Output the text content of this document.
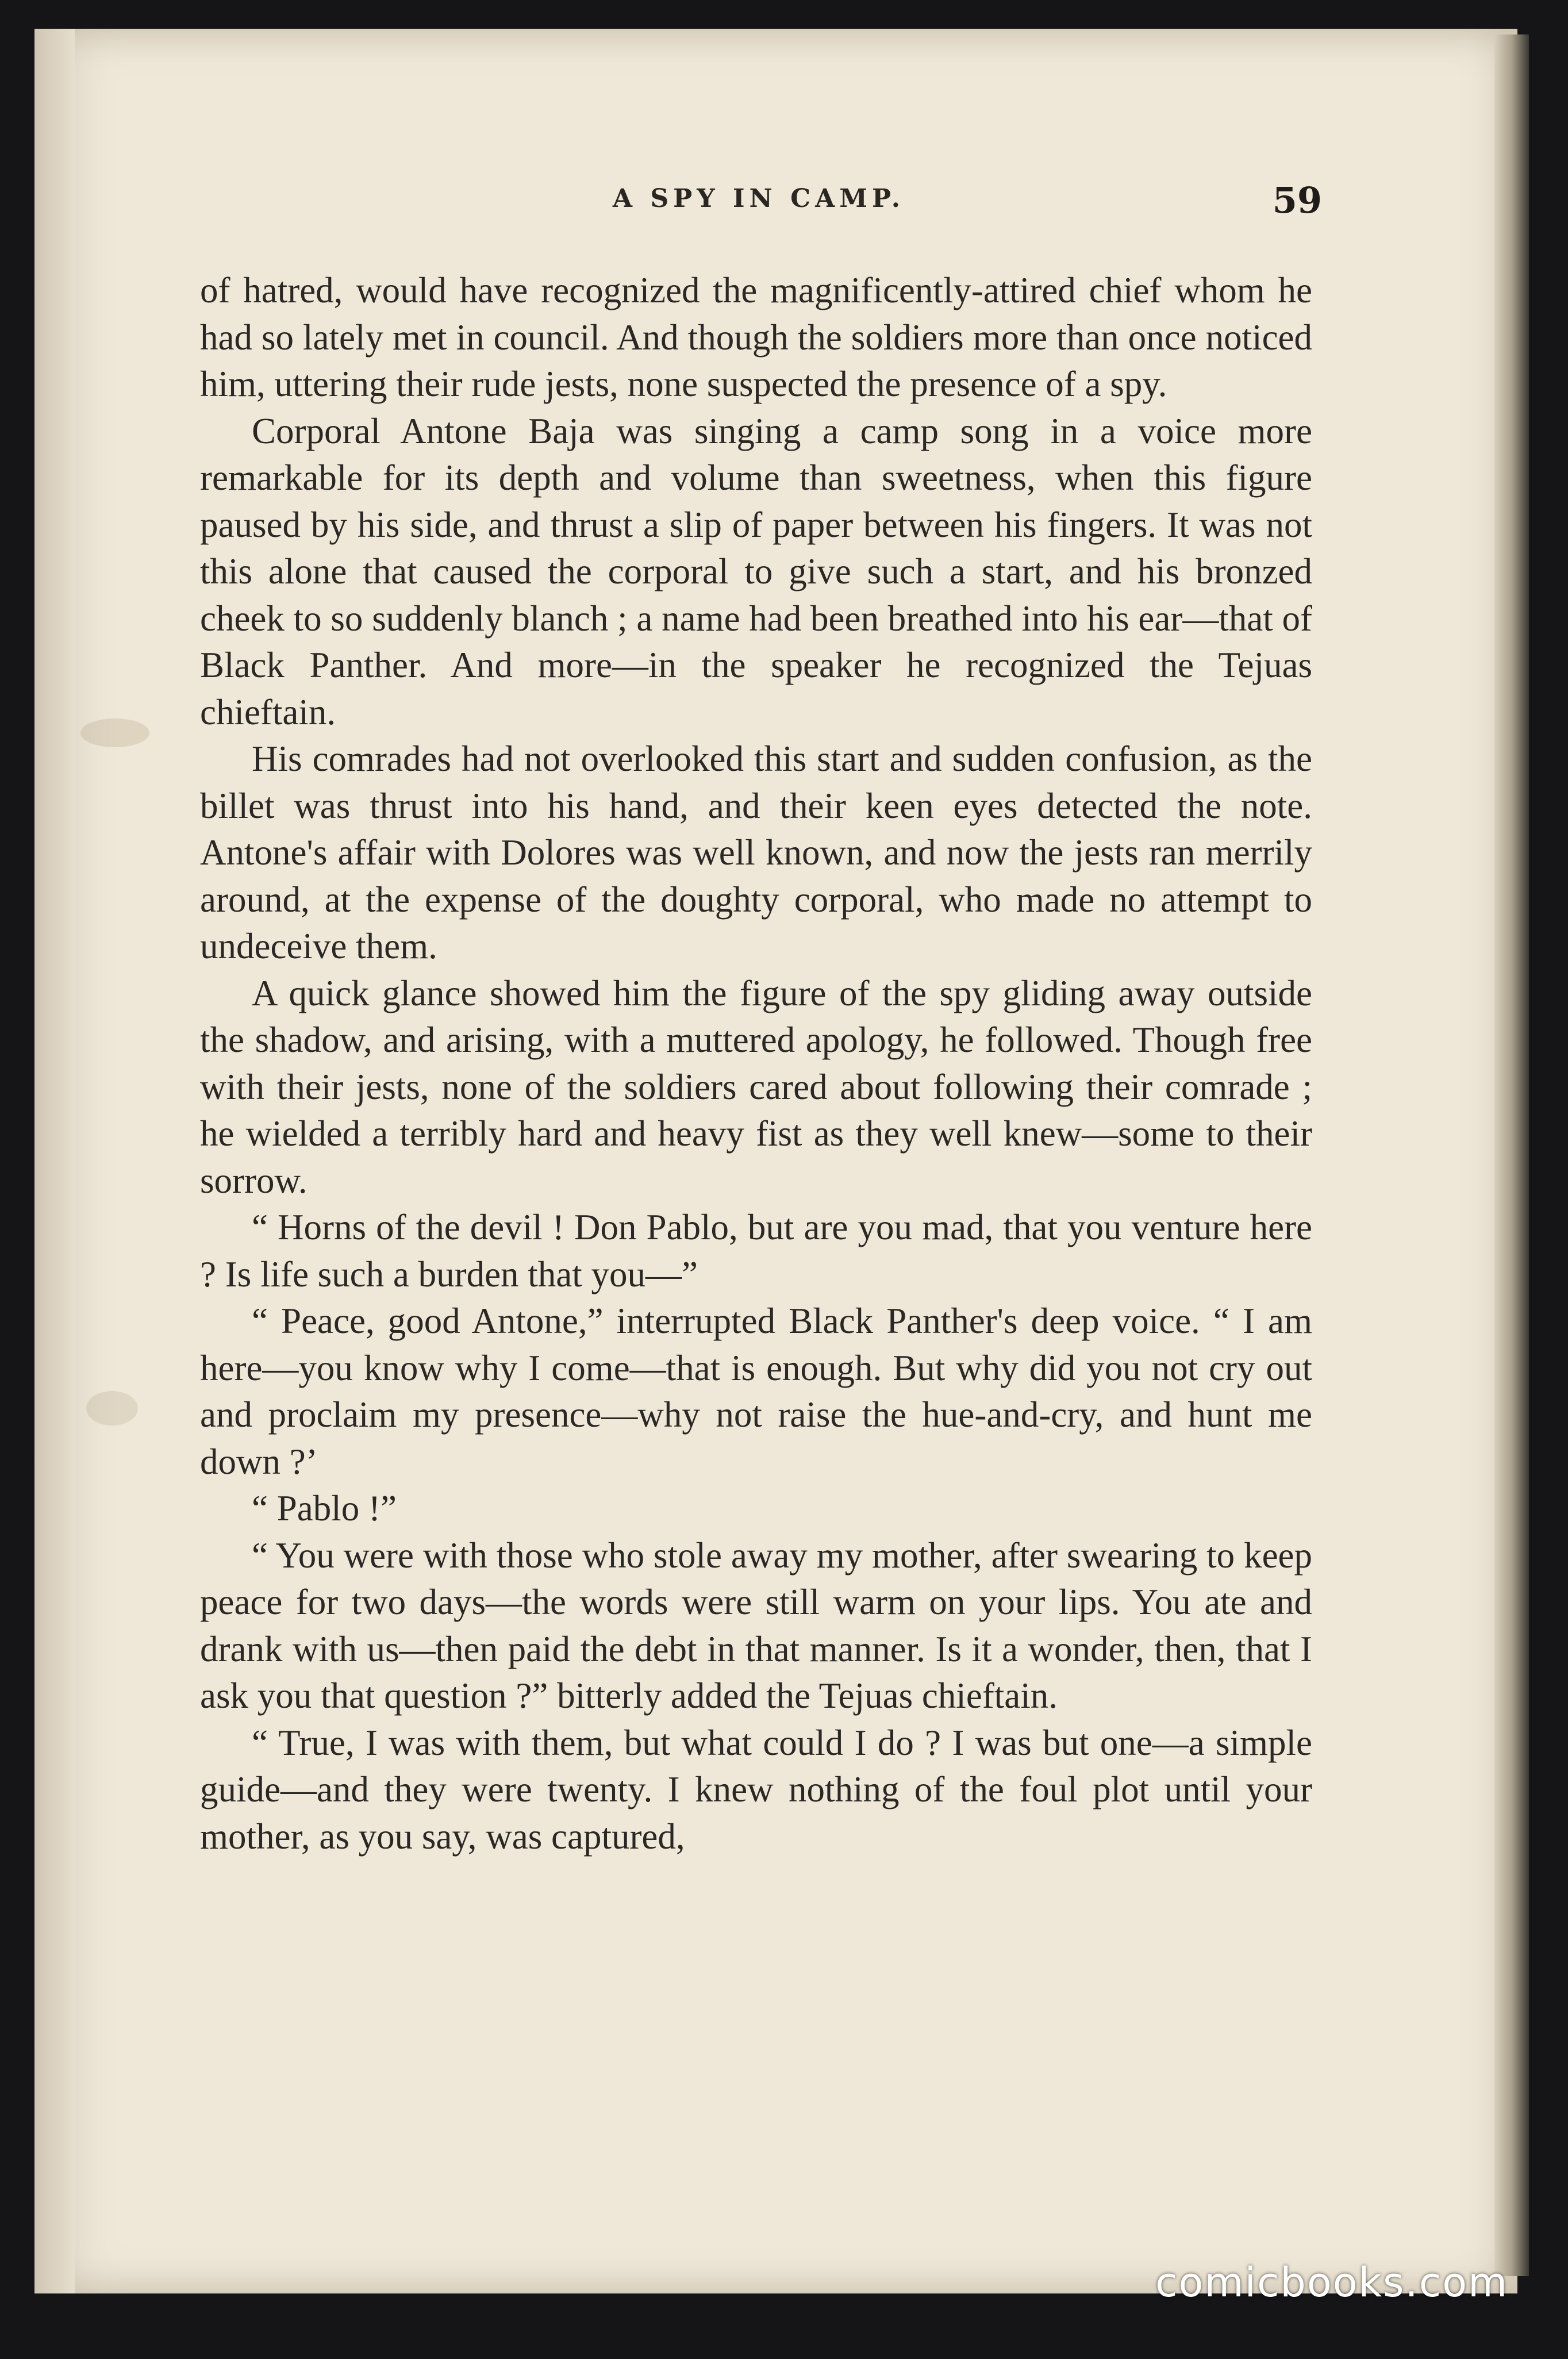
A SPY IN CAMP.	59

of hatred, would have recognized the magnificently-attired chief whom he had so lately met in council. And though the soldiers more than once noticed him, uttering their rude jests, none suspected the presence of a spy.

Corporal Antone Baja was singing a camp song in a voice more remarkable for its depth and volume than sweetness, when this figure paused by his side, and thrust a slip of paper between his fingers. It was not this alone that caused the corporal to give such a start, and his bronzed cheek to so suddenly blanch ; a name had been breathed into his ear—that of Black Panther. And more—in the speaker he recognized the Tejuas chieftain.

His comrades had not overlooked this start and sudden confusion, as the billet was thrust into his hand, and their keen eyes detected the note. Antone's affair with Dolores was well known, and now the jests ran merrily around, at the expense of the doughty corporal, who made no attempt to undeceive them.

A quick glance showed him the figure of the spy gliding away outside the shadow, and arising, with a muttered apology, he followed. Though free with their jests, none of the soldiers cared about following their comrade ; he wielded a terribly hard and heavy fist as they well knew—some to their sorrow.

“ Horns of the devil ! Don Pablo, but are you mad, that you venture here ? Is life such a burden that you—”

“ Peace, good Antone,” interrupted Black Panther's deep voice. “ I am here—you know why I come—that is enough. But why did you not cry out and proclaim my presence—why not raise the hue-and-cry, and hunt me down ?’

“ Pablo !”

“ You were with those who stole away my mother, after swearing to keep peace for two days—the words were still warm on your lips. You ate and drank with us—then paid the debt in that manner. Is it a wonder, then, that I ask you that question ?” bitterly added the Tejuas chieftain.

“ True, I was with them, but what could I do ? I was but one—a simple guide—and they were twenty. I knew nothing of the foul plot until your mother, as you say, was captured,

comicbooks.com
